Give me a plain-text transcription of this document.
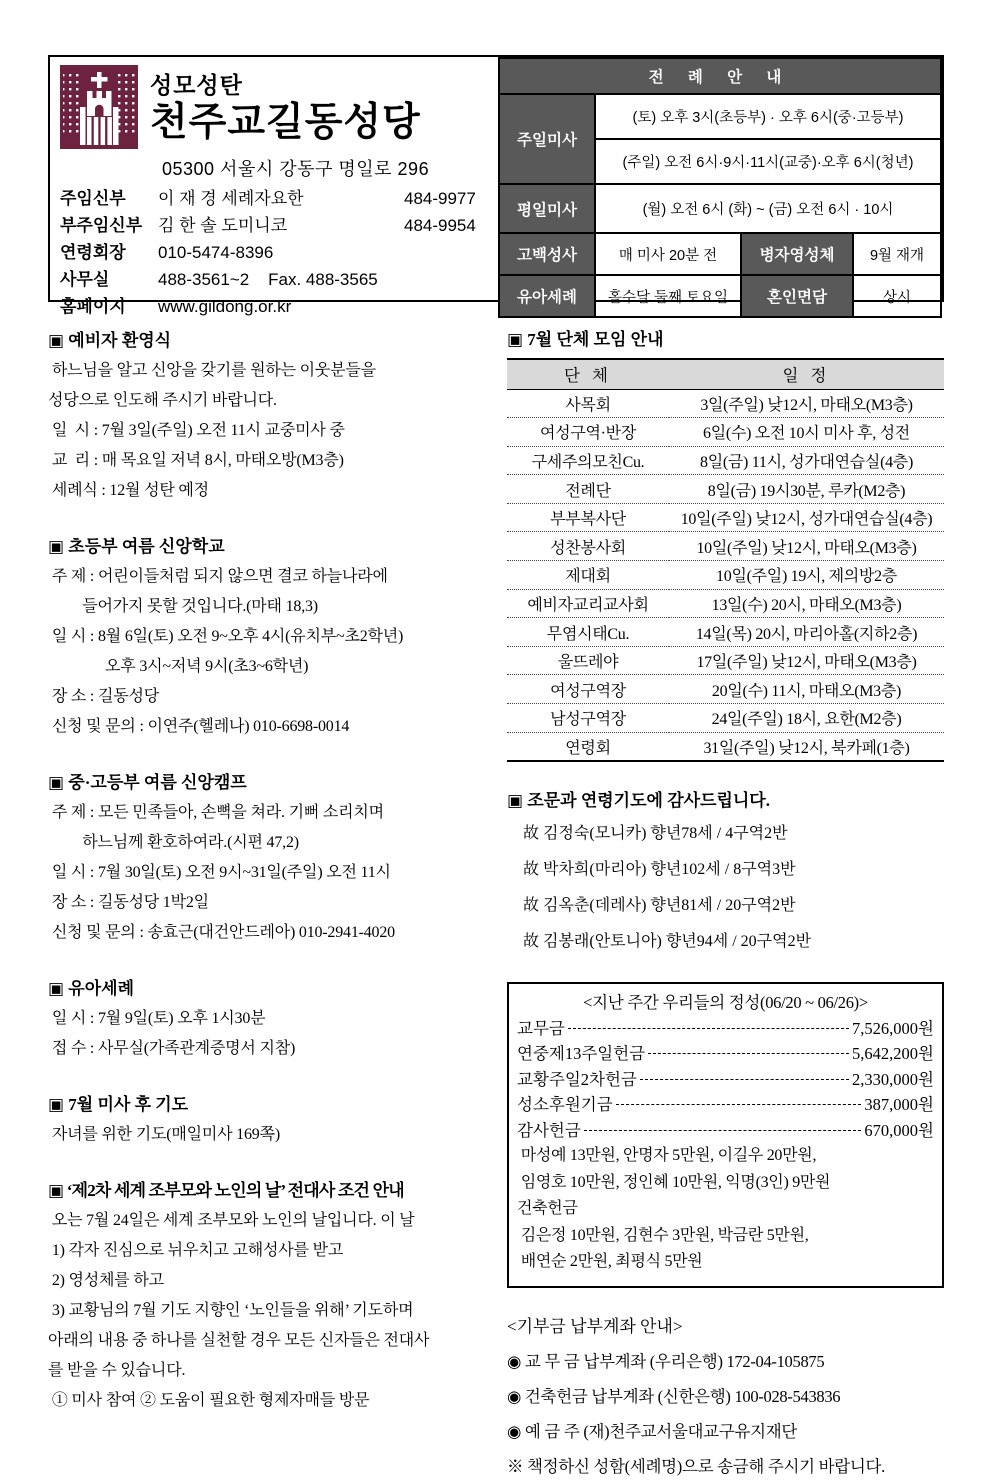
성모성탄
천주교길동성당
05300 서울시 강동구 명일로 296
주임신부	이 재 경 세례자요한	484-9977
부주임신부 김 한 솔 도미니코	484-9954
연령회장	010-5474-8396
사무실	488-3561~2    Fax. 488-3565
홈페이지	www.gildong.or.kr
전 례 안 내			
주일미사	(토) 오후 3시(초등부) · 오후 6시(중·고등부)		
	(주일) 오전 6시·9시·11시(교중)·오후 6시(청년)		
평일미사	(월) 오전 6시 (화) ~ (금) 오전 6시 · 10시		
고백성사	매 미사 20분 전	병자영성체	9월 재개
유아세례	홀수달 둘째 토요일	혼인면담	상시
▣ 예비자 환영식
하느님을 알고 신앙을 갖기를 원하는 이웃분들을
성당으로 인도해 주시기 바랍니다.
일  시 : 7월 3일(주일) 오전 11시 교중미사 중
교  리 : 매 목요일 저녁 8시, 마태오방(M3층)
세례식 : 12월 성탄 예정
▣ 초등부 여름 신앙학교
주 제 : 어린이들처럼 되지 않으면 결코 하늘나라에
들어가지 못할 것입니다.(마태 18,3)
일 시 : 8월 6일(토) 오전 9~오후 4시(유치부~초2학년)
오후 3시~저녁 9시(초3~6학년)
장 소 : 길동성당
신청 및 문의 : 이연주(헬레나) 010-6698-0014
▣ 중·고등부 여름 신앙캠프
주 제 : 모든 민족들아, 손뼉을 쳐라. 기뻐 소리치며
하느님께 환호하여라.(시편 47,2)
일 시 : 7월 30일(토) 오전 9시~31일(주일) 오전 11시
장 소 : 길동성당 1박2일
신청 및 문의 : 송효근(대건안드레아) 010-2941-4020
▣ 유아세례
일 시 : 7월 9일(토) 오후 1시30분
접 수 : 사무실(가족관계증명서 지참)
▣ 7월 미사 후 기도
자녀를 위한 기도(매일미사 169쪽)
▣ ‘제2차 세계 조부모와 노인의 날’ 전대사 조건 안내
오는 7월 24일은 세계 조부모와 노인의 날입니다. 이 날
1) 각자 진심으로 뉘우치고 고해성사를 받고
2) 영성체를 하고
3) 교황님의 7월 기도 지향인 ‘노인들을 위해’ 기도하며
아래의 내용 중 하나를 실천할 경우 모든 신자들은 전대사
를 받을 수 있습니다.
① 미사 참여 ② 도움이 필요한 형제자매들 방문
▣ 7월 단체 모임 안내
단 체	일 정
사목회	3일(주일) 낮12시, 마태오(M3층)
여성구역·반장	6일(수) 오전 10시 미사 후, 성전
구세주의모친Cu.	8일(금) 11시, 성가대연습실(4층)
전례단	8일(금) 19시30분, 루카(M2층)
부부복사단	10일(주일) 낮12시, 성가대연습실(4층)
성찬봉사회	10일(주일) 낮12시, 마태오(M3층)
제대회	10일(주일) 19시, 제의방2층
예비자교리교사회	13일(수) 20시, 마태오(M3층)
무염시태Cu.	14일(목) 20시, 마리아홀(지하2층)
울뜨레야	17일(주일) 낮12시, 마태오(M3층)
여성구역장	20일(수) 11시, 마태오(M3층)
남성구역장	24일(주일) 18시, 요한(M2층)
연령회	31일(주일) 낮12시, 북카페(1층)
▣ 조문과 연령기도에 감사드립니다.
故 김정숙(모니카) 향년78세 / 4구역2반
故 박차희(마리아) 향년102세 / 8구역3반
故 김옥춘(데레사) 향년81세 / 20구역2반
故 김봉래(안토니아) 향년94세 / 20구역2반
<지난 주간 우리들의 정성(06/20 ~ 06/26)>
교무금	7,526,000원
연중제13주일헌금	5,642,200원
교황주일2차헌금	2,330,000원
성소후원기금	387,000원
감사헌금	670,000원
마성예 13만원, 안명자 5만원, 이길우 20만원,
임영호 10만원, 정인혜 10만원, 익명(3인) 9만원
건축헌금
김은정 10만원, 김현수 3만원, 박금란 5만원,
배연순 2만원, 최평식 5만원
<기부금 납부계좌 안내>
◉ 교 무 금 납부계좌 (우리은행) 172-04-105875
◉ 건축헌금 납부계좌 (신한은행) 100-028-543836
◉ 예 금 주 (재)천주교서울대교구유지재단
※ 책정하신 성함(세례명)으로 송금해 주시기 바랍니다.
